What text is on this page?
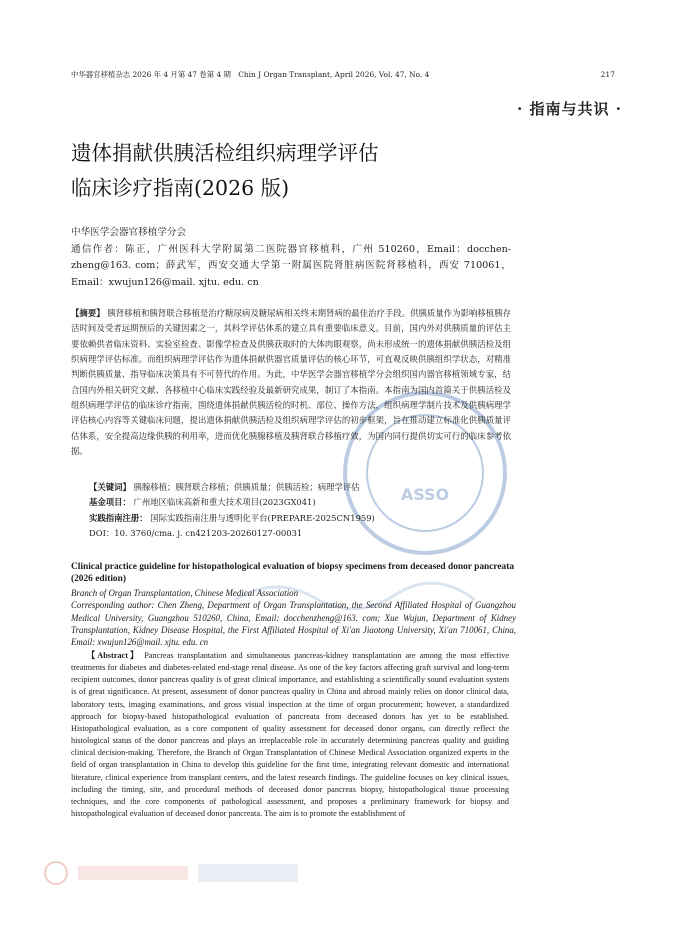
中华器官移植杂志 2026 年 4 月第 47 卷第 4 期　Chin J Organ Transplant, April 2026, Vol. 47, No. 4	217
· 指南与共识 ·
遗体捐献供胰活检组织病理学评估
临床诊疗指南(2026 版)
中华医学会器官移植学分会
通信作者：陈正，广州医科大学附属第二医院器官移植科，广州 510260，Email：docchen-zheng@163. com；薛武军，西安交通大学第一附属医院肾脏病医院肾移植科，西安 710061，Email：xwujun126@mail. xjtu. edu. cn
ASSO
【摘要】 胰肾移植和胰肾联合移植是治疗糖尿病及糖尿病相关终末期肾病的最佳治疗手段。供胰质量作为影响移植胰存活时间及受者远期预后的关键因素之一，其科学评估体系的建立具有重要临床意义。目前，国内外对供胰质量的评估主要依赖供者临床资料、实验室检查、影像学检查及供胰获取时的大体肉眼观察，尚未形成统一的遗体捐献供胰活检及组织病理学评估标准。而组织病理学评估作为遗体捐献供器官质量评估的核心环节，可直观反映供胰组织学状态，对精准判断供胰质量、指导临床决策具有不可替代的作用。为此，中华医学会器官移植学分会组织国内器官移植领域专家，结合国内外相关研究文献、各移植中心临床实践经验及最新研究成果，制订了本指南。本指南为国内首篇关于供胰活检及组织病理学评估的临床诊疗指南，围绕遗体捐献供胰活检的时机、部位、操作方法，组织病理学制片技术及供胰病理学评估核心内容等关键临床问题，提出遗体捐献供胰活检及组织病理学评估的初步框架，旨在推动建立标准化供胰质量评估体系，安全提高边缘供胰的利用率，进而优化胰腺移植及胰肾联合移植疗效，为国内同行提供切实可行的临床参考依据。
【关键词】 胰腺移植；胰肾联合移植；供胰质量；供胰活检；病理学评估
基金项目： 广州地区临床高新和重大技术项目(2023GX041)
实践指南注册： 国际实践指南注册与透明化平台(PREPARE-2025CN1959)
DOI：10. 3760/cma. j. cn421203-20260127-00031
Clinical practice guideline for histopathological evaluation of biopsy specimens from deceased donor pancreata (2026 edition)
Branch of Organ Transplantation, Chinese Medical Association
Corresponding author: Chen Zheng, Department of Organ Transplantation, the Second Affiliated Hospital of Guangzhou Medical University, Guangzhou 510260, China, Email: docchenzheng@163. com; Xue Wujun, Department of Kidney Transplantation, Kidney Disease Hospital, the First Affiliated Hospital of Xi'an Jiaotong University, Xi'an 710061, China, Email: xwujun126@mail. xjtu. edu. cn
【Abstract】 Pancreas transplantation and simultaneous pancreas-kidney transplantation are among the most effective treatments for diabetes and diabetes-related end-stage renal disease. As one of the key factors affecting graft survival and long-term recipient outcomes, donor pancreas quality is of great clinical importance, and establishing a scientifically sound evaluation system is of great significance. At present, assessment of donor pancreas quality in China and abroad mainly relies on donor clinical data, laboratory tests, imaging examinations, and gross visual inspection at the time of organ procurement; however, a standardized approach for biopsy-based histopathological evaluation of pancreata from deceased donors has yet to be established. Histopathological evaluation, as a core component of quality assessment for deceased donor organs, can directly reflect the histological status of the donor pancreas and plays an irreplaceable role in accurately determining pancreas quality and guiding clinical decision-making. Therefore, the Branch of Organ Transplantation of Chinese Medical Association organized experts in the field of organ transplantation in China to develop this guideline for the first time, integrating relevant domestic and international literature, clinical experience from transplant centers, and the latest research findings. The guideline focuses on key clinical issues, including the timing, site, and procedural methods of deceased donor pancreas biopsy, histopathological tissue processing techniques, and the core components of pathological assessment, and proposes a preliminary framework for biopsy and histopathological evaluation of deceased donor pancreata. The aim is to promote the establishment of
